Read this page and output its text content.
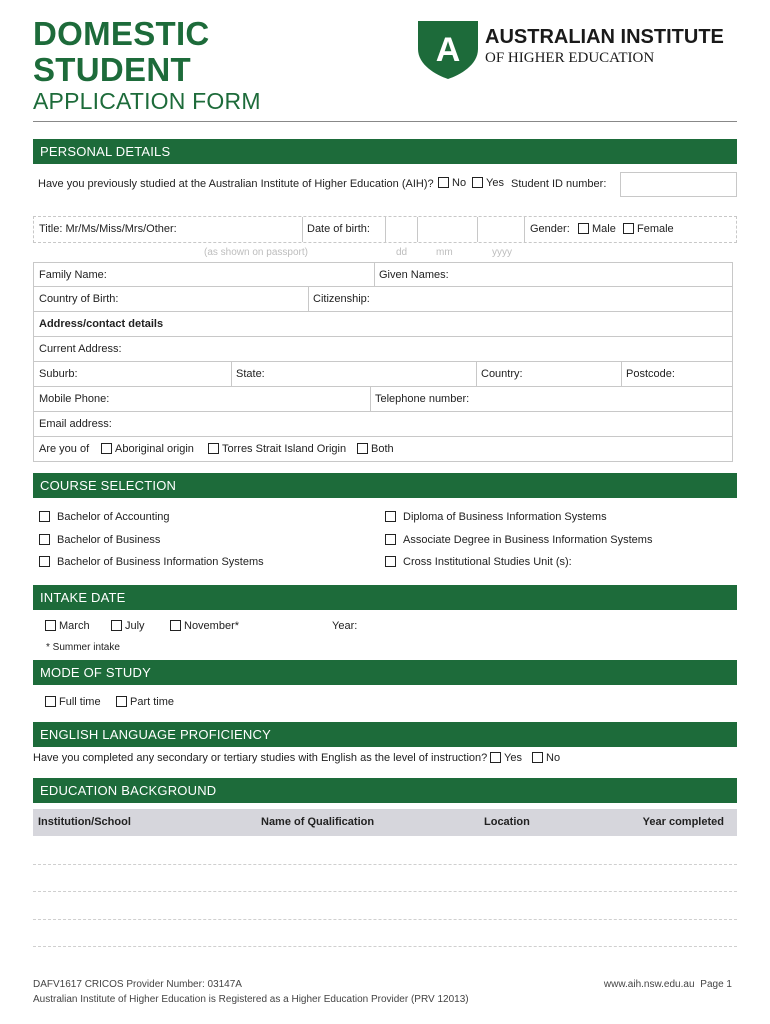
DOMESTIC
STUDENT
APPLICATION FORM
A AUSTRALIAN INSTITUTE
OF HIGHER EDUCATION
PERSONAL DETAILS
Have you previously studied at the Australian Institute of Higher Education (AIH)?	No	Yes Student ID number:
Title: Mr/Ms/Miss/Mrs/Other:	Date of birth:	Gender:	Male	Female
(as shown on passport)	dd	mm	yyyy
Family Name:	Given Names:
Country of Birth:	Citizenship:
Address/contact details
Current Address:
Suburb:	State:	Country:	Postcode:
Mobile Phone:	Telephone number:
Email address:
Are you of	Aboriginal origin	Torres Strait Island Origin	Both
COURSE SELECTION
Bachelor of Accounting
Bachelor of Business
Bachelor of Business Information Systems
Diploma of Business Information Systems
Associate Degree in Business Information Systems
Cross Institutional Studies Unit (s):
INTAKE DATE
March	July	November*	Year:
* Summer intake
MODE OF STUDY
Full time	Part time
ENGLISH LANGUAGE PROFICIENCY
Have you completed any secondary or tertiary studies with English as the level of instruction?	Yes	No
EDUCATION BACKGROUND
Institution/School	Name of Qualification	Location	Year completed
DAFV1617 CRICOS Provider Number: 03147A
Australian Institute of Higher Education is Registered as a Higher Education Provider (PRV 12013)
www.aih.nsw.edu.au Page 1
